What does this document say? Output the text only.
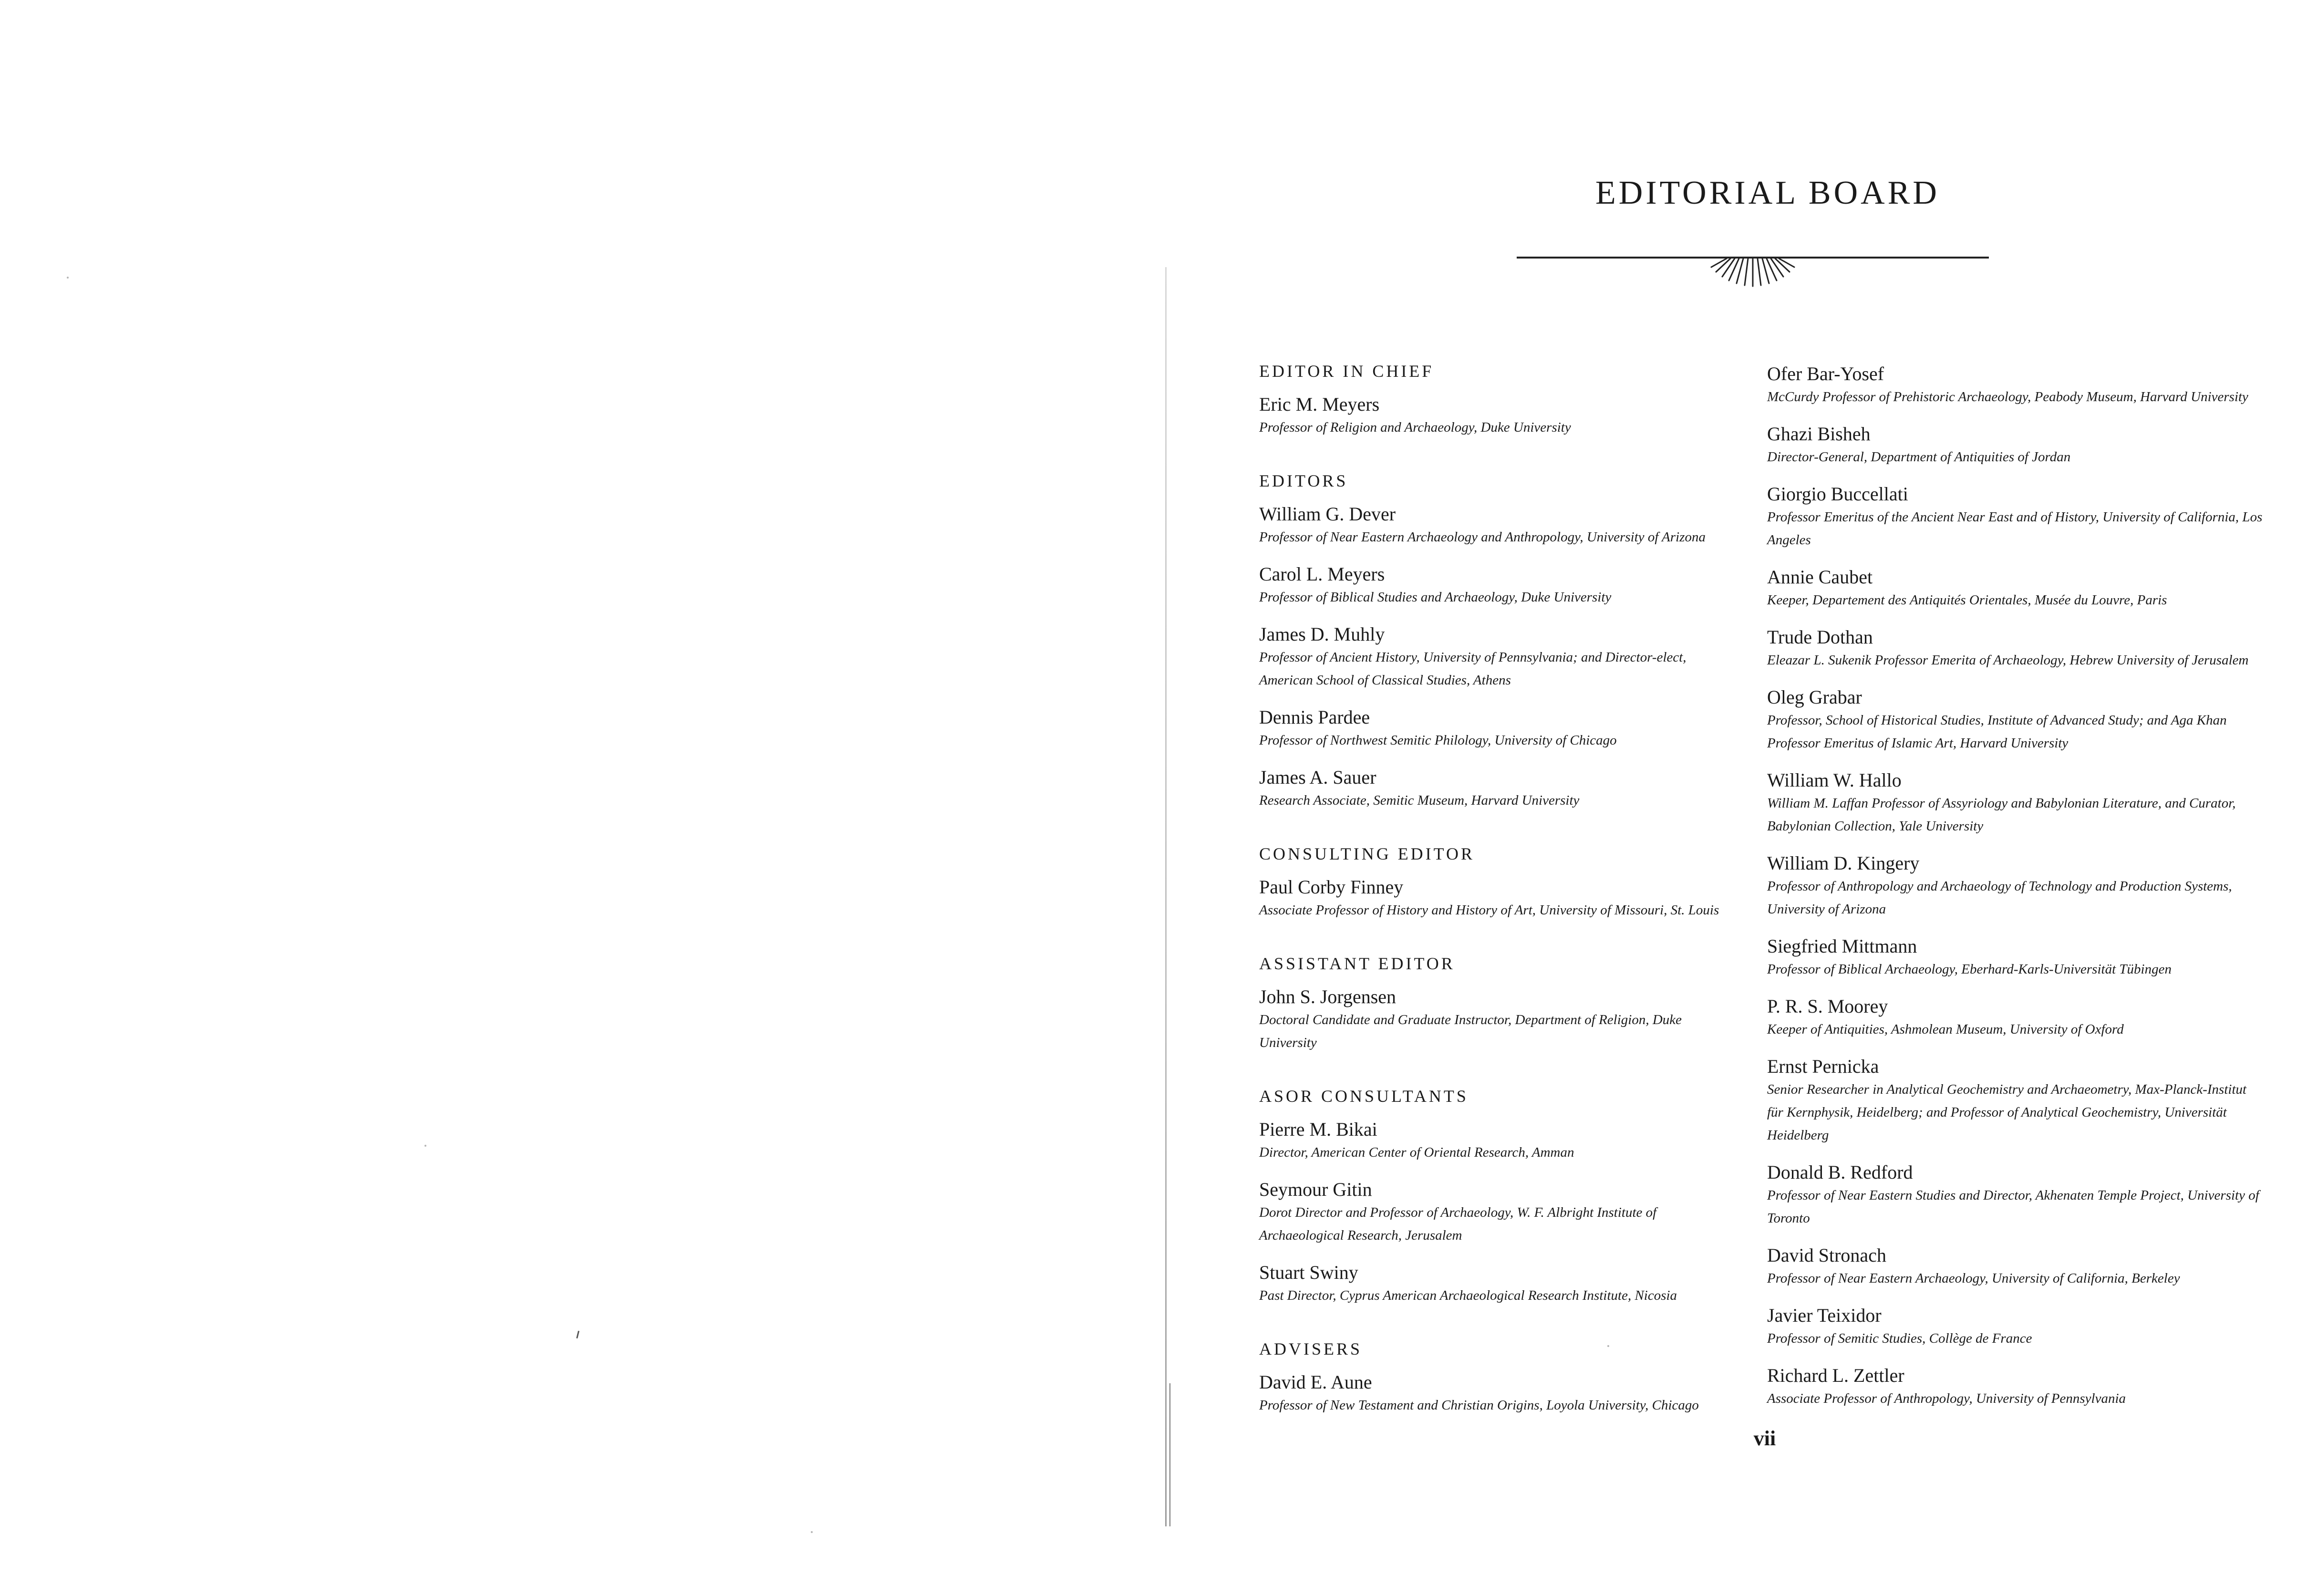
EDITORIAL BOARD
EDITOR IN CHIEF
Eric M. Meyers
Professor of Religion and Archaeology, Duke University
EDITORS
William G. Dever
Professor of Near Eastern Archaeology and Anthropology, University of Arizona
Carol L. Meyers
Professor of Biblical Studies and Archaeology, Duke University
James D. Muhly
Professor of Ancient History, University of Pennsylvania; and Director-elect, American School of Classical Studies, Athens
Dennis Pardee
Professor of Northwest Semitic Philology, University of Chicago
James A. Sauer
Research Associate, Semitic Museum, Harvard University
CONSULTING EDITOR
Paul Corby Finney
Associate Professor of History and History of Art, University of Missouri, St. Louis
ASSISTANT EDITOR
John S. Jorgensen
Doctoral Candidate and Graduate Instructor, Department of Religion, Duke University
ASOR CONSULTANTS
Pierre M. Bikai
Director, American Center of Oriental Research, Amman
Seymour Gitin
Dorot Director and Professor of Archaeology, W. F. Albright Institute of Archaeological Research, Jerusalem
Stuart Swiny
Past Director, Cyprus American Archaeological Research Institute, Nicosia
ADVISERS
David E. Aune
Professor of New Testament and Christian Origins, Loyola University, Chicago
Ofer Bar-Yosef
McCurdy Professor of Prehistoric Archaeology, Peabody Museum, Harvard University
Ghazi Bisheh
Director-General, Department of Antiquities of Jordan
Giorgio Buccellati
Professor Emeritus of the Ancient Near East and of History, University of California, Los Angeles
Annie Caubet
Keeper, Departement des Antiquités Orientales, Musée du Louvre, Paris
Trude Dothan
Eleazar L. Sukenik Professor Emerita of Archaeology, Hebrew University of Jerusalem
Oleg Grabar
Professor, School of Historical Studies, Institute of Advanced Study; and Aga Khan Professor Emeritus of Islamic Art, Harvard University
William W. Hallo
William M. Laffan Professor of Assyriology and Babylonian Literature, and Curator, Babylonian Collection, Yale University
William D. Kingery
Professor of Anthropology and Archaeology of Technology and Production Systems, University of Arizona
Siegfried Mittmann
Professor of Biblical Archaeology, Eberhard-Karls-Universität Tübingen
P. R. S. Moorey
Keeper of Antiquities, Ashmolean Museum, University of Oxford
Ernst Pernicka
Senior Researcher in Analytical Geochemistry and Archaeometry, Max-Planck-Institut für Kernphysik, Heidelberg; and Professor of Analytical Geochemistry, Universität Heidelberg
Donald B. Redford
Professor of Near Eastern Studies and Director, Akhenaten Temple Project, University of Toronto
David Stronach
Professor of Near Eastern Archaeology, University of California, Berkeley
Javier Teixidor
Professor of Semitic Studies, Collège de France
Richard L. Zettler
Associate Professor of Anthropology, University of Pennsylvania
vii
